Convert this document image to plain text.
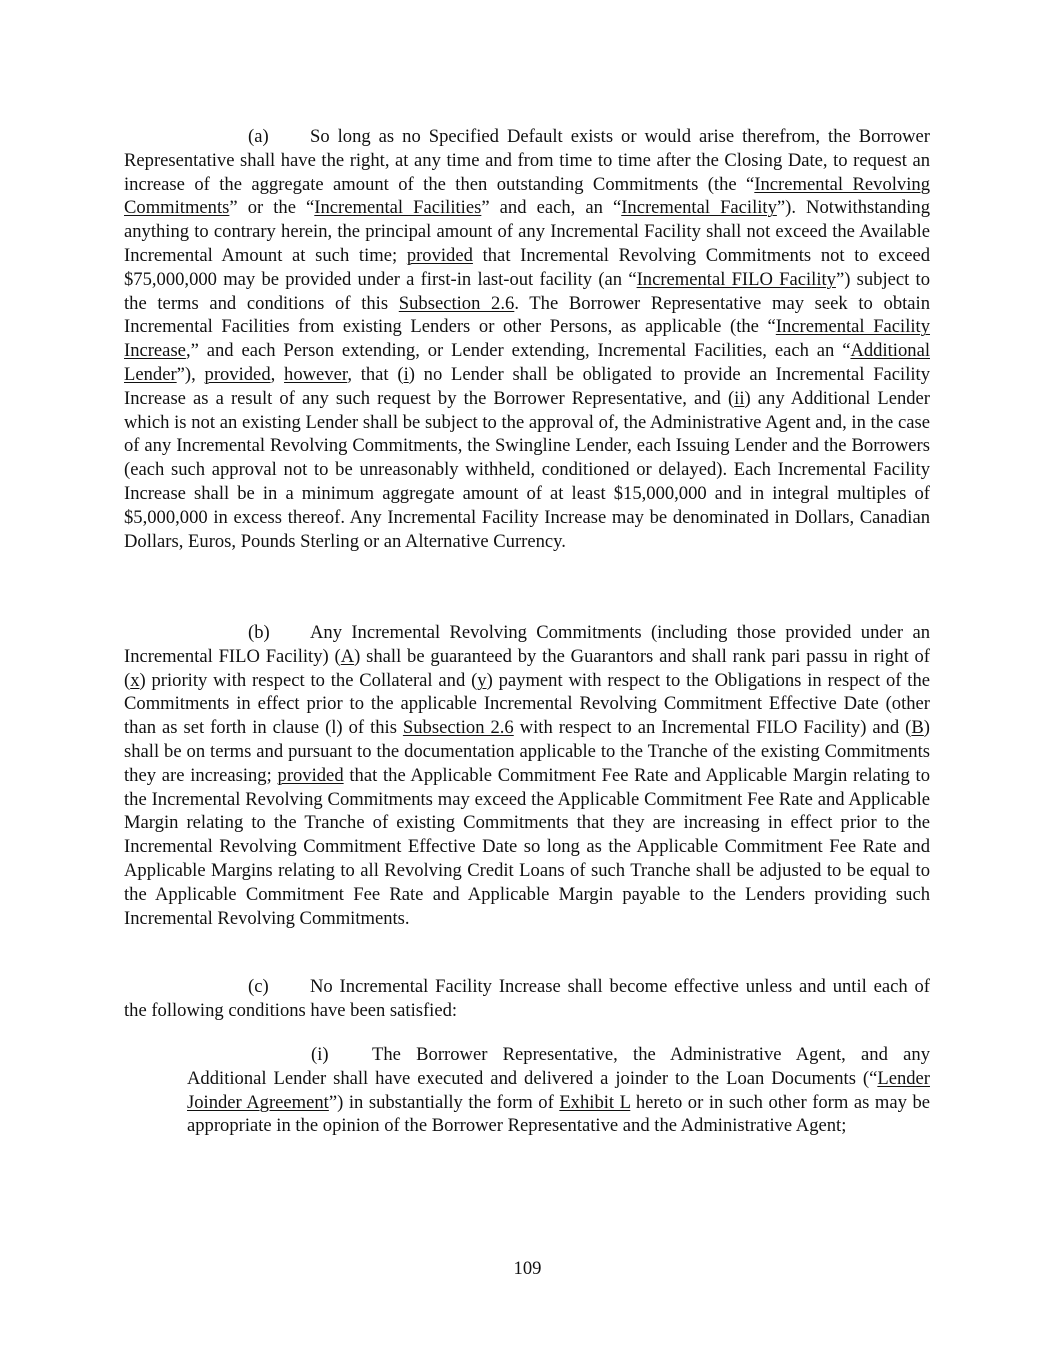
(a) So long as no Specified Default exists or would arise therefrom, the Borrower Representative shall have the right, at any time and from time to time after the Closing Date, to request an increase of the aggregate amount of the then outstanding Commitments (the “Incremental Revolving Commitments” or the “Incremental Facilities” and each, an “Incremental Facility”). Notwithstanding anything to contrary herein, the principal amount of any Incremental Facility shall not exceed the Available Incremental Amount at such time; provided that Incremental Revolving Commitments not to exceed $75,000,000 may be provided under a first-in last-out facility (an “Incremental FILO Facility”) subject to the terms and conditions of this Subsection 2.6. The Borrower Representative may seek to obtain Incremental Facilities from existing Lenders or other Persons, as applicable (the “Incremental Facility Increase,” and each Person extending, or Lender extending, Incremental Facilities, each an “Additional Lender”), provided, however, that (i) no Lender shall be obligated to provide an Incremental Facility Increase as a result of any such request by the Borrower Representative, and (ii) any Additional Lender which is not an existing Lender shall be subject to the approval of, the Administrative Agent and, in the case of any Incremental Revolving Commitments, the Swingline Lender, each Issuing Lender and the Borrowers (each such approval not to be unreasonably withheld, conditioned or delayed). Each Incremental Facility Increase shall be in a minimum aggregate amount of at least $15,000,000 and in integral multiples of $5,000,000 in excess thereof. Any Incremental Facility Increase may be denominated in Dollars, Canadian Dollars, Euros, Pounds Sterling or an Alternative Currency.

(b) Any Incremental Revolving Commitments (including those provided under an Incremental FILO Facility) (A) shall be guaranteed by the Guarantors and shall rank pari passu in right of (x) priority with respect to the Collateral and (y) payment with respect to the Obligations in respect of the Commitments in effect prior to the applicable Incremental Revolving Commitment Effective Date (other than as set forth in clause (l) of this Subsection 2.6 with respect to an Incremental FILO Facility) and (B) shall be on terms and pursuant to the documentation applicable to the Tranche of the existing Commitments they are increasing; provided that the Applicable Commitment Fee Rate and Applicable Margin relating to the Incremental Revolving Commitments may exceed the Applicable Commitment Fee Rate and Applicable Margin relating to the Tranche of existing Commitments that they are increasing in effect prior to the Incremental Revolving Commitment Effective Date so long as the Applicable Commitment Fee Rate and Applicable Margins relating to all Revolving Credit Loans of such Tranche shall be adjusted to be equal to the Applicable Commitment Fee Rate and Applicable Margin payable to the Lenders providing such Incremental Revolving Commitments.

(c) No Incremental Facility Increase shall become effective unless and until each of the following conditions have been satisfied:

(i) The Borrower Representative, the Administrative Agent, and any Additional Lender shall have executed and delivered a joinder to the Loan Documents (“Lender Joinder Agreement”) in substantially the form of Exhibit L hereto or in such other form as may be appropriate in the opinion of the Borrower Representative and the Administrative Agent;

109
